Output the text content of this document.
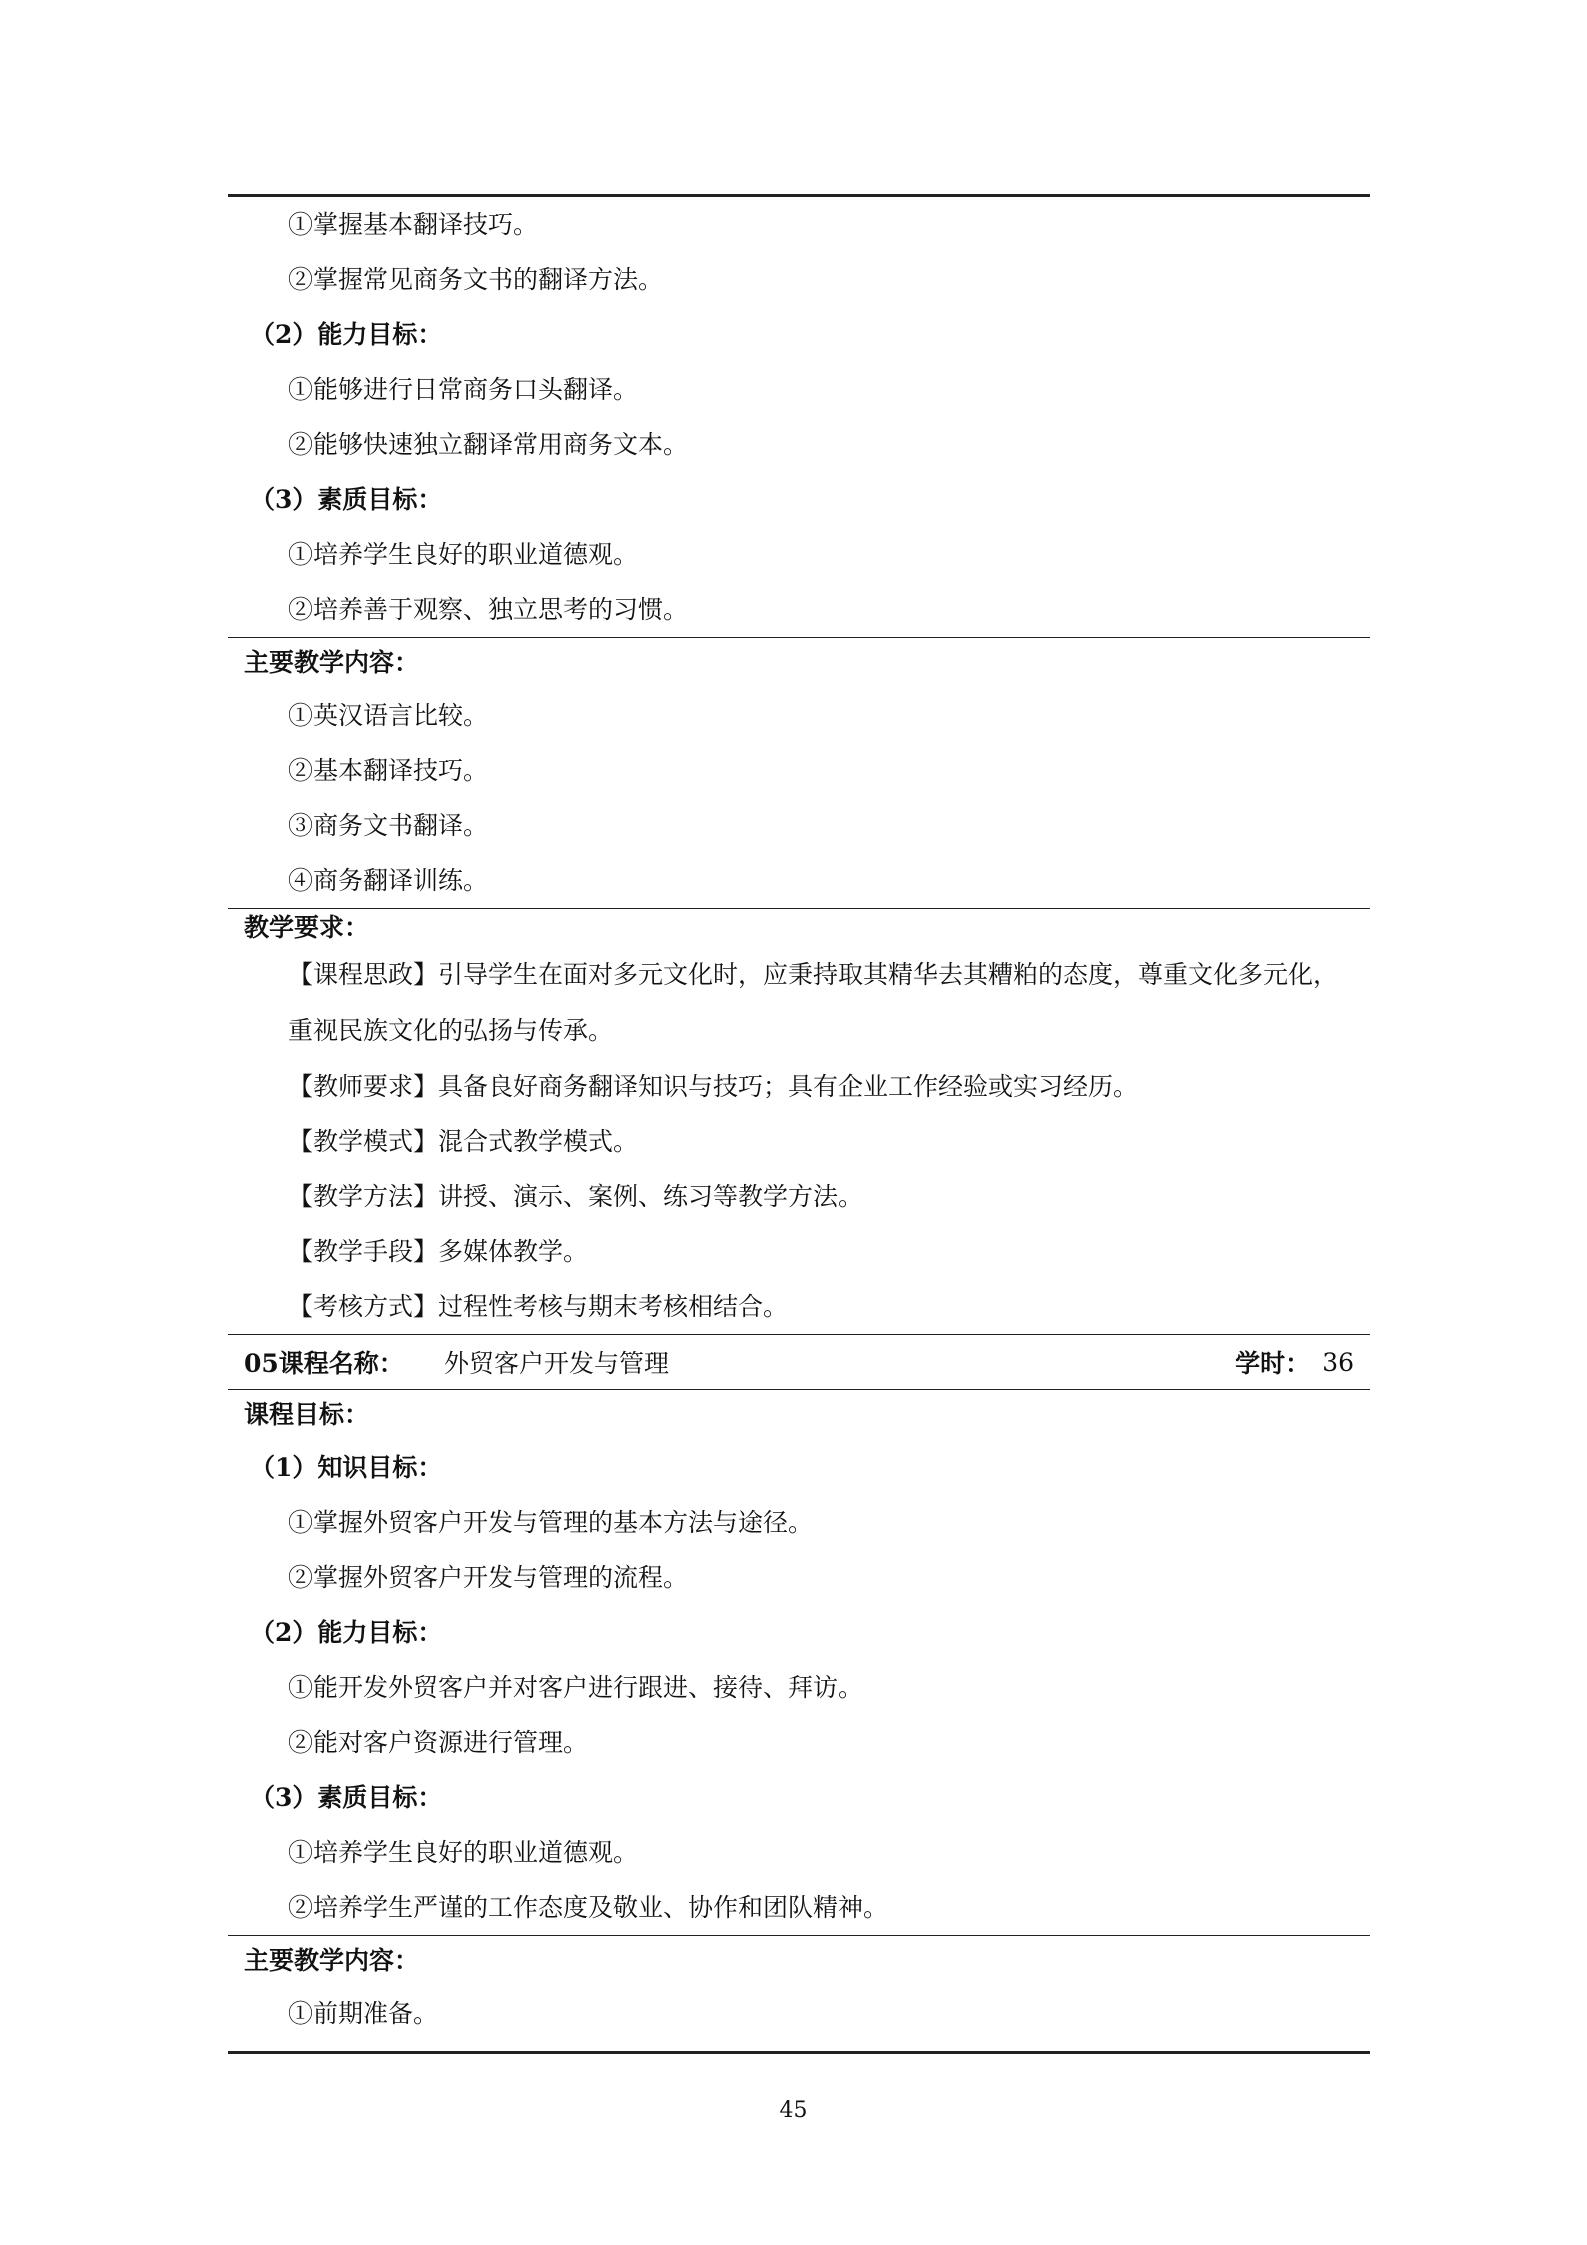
①掌握基本翻译技巧。
②掌握常见商务文书的翻译方法。
（2）能力目标：
①能够进行日常商务口头翻译。
②能够快速独立翻译常用商务文本。
（3）素质目标：
①培养学生良好的职业道德观。
②培养善于观察、独立思考的习惯。
主要教学内容：
①英汉语言比较。
②基本翻译技巧。
③商务文书翻译。
④商务翻译训练。
教学要求：
【课程思政】引导学生在面对多元文化时，应秉持取其精华去其糟粕的态度，尊重文化多元化，重视民族文化的弘扬与传承。
【教师要求】具备良好商务翻译知识与技巧；具有企业工作经验或实习经历。
【教学模式】混合式教学模式。
【教学方法】讲授、演示、案例、练习等教学方法。
【教学手段】多媒体教学。
【考核方式】过程性考核与期末考核相结合。
05课程名称：	外贸客户开发与管理	学时： 36
课程目标：
（1）知识目标：
①掌握外贸客户开发与管理的基本方法与途径。
②掌握外贸客户开发与管理的流程。
（2）能力目标：
①能开发外贸客户并对客户进行跟进、接待、拜访。
②能对客户资源进行管理。
（3）素质目标：
①培养学生良好的职业道德观。
②培养学生严谨的工作态度及敬业、协作和团队精神。
主要教学内容：
①前期准备。
45
